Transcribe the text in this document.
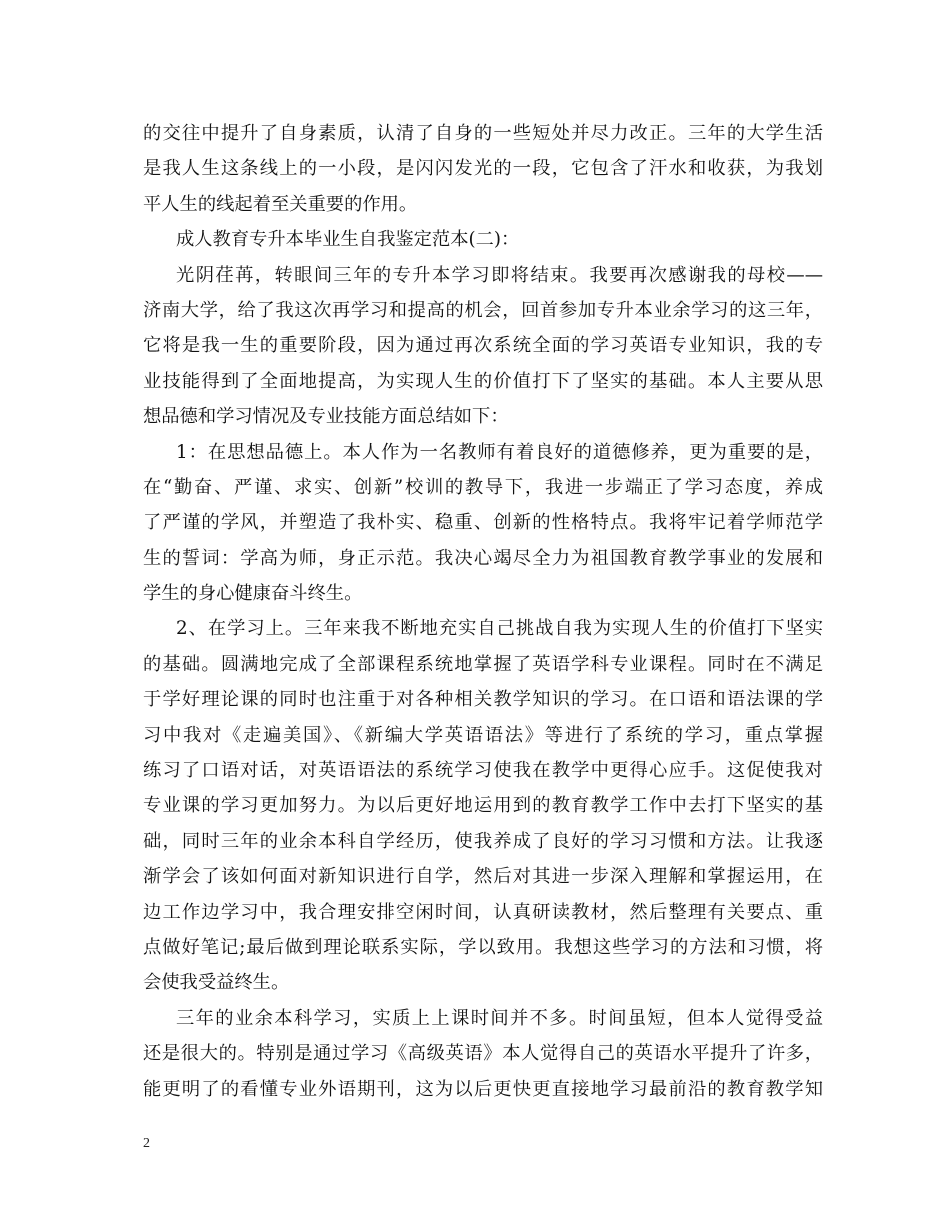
的交往中提升了自身素质，认清了自身的一些短处并尽力改正。三年的大学生活
是我人生这条线上的一小段，是闪闪发光的一段，它包含了汗水和收获，为我划
平人生的线起着至关重要的作用。
成人教育专升本毕业生自我鉴定范本(二)：
光阴荏苒，转眼间三年的专升本学习即将结束。我要再次感谢我的母校——
济南大学，给了我这次再学习和提高的机会，回首参加专升本业余学习的这三年，
它将是我一生的重要阶段，因为通过再次系统全面的学习英语专业知识，我的专
业技能得到了全面地提高，为实现人生的价值打下了坚实的基础。本人主要从思
想品德和学习情况及专业技能方面总结如下：
1：在思想品德上。本人作为一名教师有着良好的道德修养，更为重要的是，
在“勤奋、严谨、求实、创新”校训的教导下，我进一步端正了学习态度，养成
了严谨的学风，并塑造了我朴实、稳重、创新的性格特点。我将牢记着学师范学
生的誓词：学高为师，身正示范。我决心竭尽全力为祖国教育教学事业的发展和
学生的身心健康奋斗终生。
2、在学习上。三年来我不断地充实自己挑战自我为实现人生的价值打下坚实
的基础。圆满地完成了全部课程系统地掌握了英语学科专业课程。同时在不满足
于学好理论课的同时也注重于对各种相关教学知识的学习。在口语和语法课的学
习中我对《走遍美国》、《新编大学英语语法》等进行了系统的学习，重点掌握
练习了口语对话，对英语语法的系统学习使我在教学中更得心应手。这促使我对
专业课的学习更加努力。为以后更好地运用到的教育教学工作中去打下坚实的基
础，同时三年的业余本科自学经历，使我养成了良好的学习习惯和方法。让我逐
渐学会了该如何面对新知识进行自学，然后对其进一步深入理解和掌握运用，在
边工作边学习中，我合理安排空闲时间，认真研读教材，然后整理有关要点、重
点做好笔记;最后做到理论联系实际，学以致用。我想这些学习的方法和习惯，将
会使我受益终生。
三年的业余本科学习，实质上上课时间并不多。时间虽短，但本人觉得受益
还是很大的。特别是通过学习《高级英语》本人觉得自己的英语水平提升了许多，
能更明了的看懂专业外语期刊，这为以后更快更直接地学习最前沿的教育教学知
2
